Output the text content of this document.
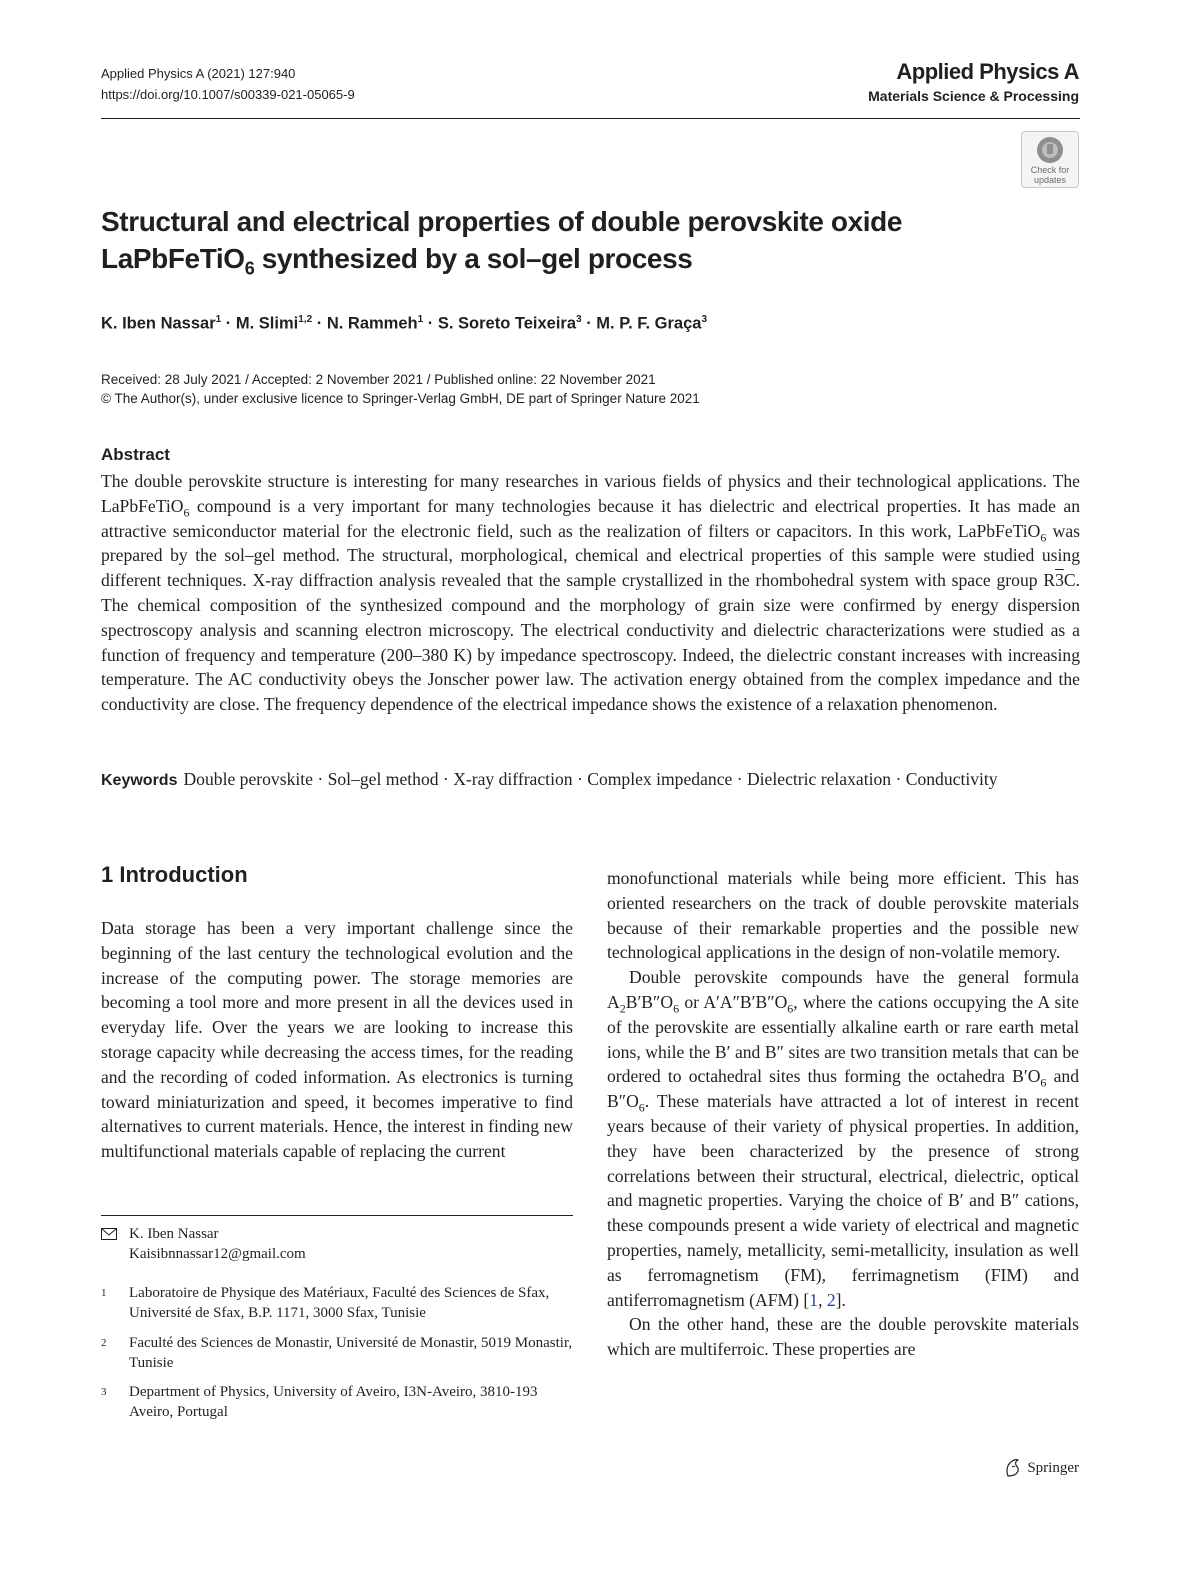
Applied Physics A (2021) 127:940
https://doi.org/10.1007/s00339-021-05065-9
Applied Physics A
Materials Science & Processing
Check for
updates
Structural and electrical properties of double perovskite oxide
LaPbFeTiO$_6$ synthesized by a sol–gel process
K. Iben Nassar$^1$ · M. Slimi$^{1,2}$ · N. Rammeh$^1$ · S. Soreto Teixeira$^3$ · M. P. F. Graça$^3$
Received: 28 July 2021 / Accepted: 2 November 2021 / Published online: 22 November 2021
© The Author(s), under exclusive licence to Springer-Verlag GmbH, DE part of Springer Nature 2021
Abstract

The double perovskite structure is interesting for many researches in various fields of physics and their technological applications. The LaPbFeTiO$_6$ compound is a very important for many technologies because it has dielectric and electrical properties. It has made an attractive semiconductor material for the electronic field, such as the realization of filters or capacitors. In this work, LaPbFeTiO$_6$ was prepared by the sol–gel method. The structural, morphological, chemical and electrical properties of this sample were studied using different techniques. X-ray diffraction analysis revealed that the sample crystallized in the rhombohedral system with space group R3C. The chemical composition of the synthesized compound and the morphology of grain size were confirmed by energy dispersion spectroscopy analysis and scanning electron microscopy. The electrical conductivity and dielectric characterizations were studied as a function of frequency and temperature (200–380 K) by impedance spectroscopy. Indeed, the dielectric constant increases with increasing temperature. The AC conductivity obeys the Jonscher power law. The activation energy obtained from the complex impedance and the conductivity are close. The frequency dependence of the electrical impedance shows the existence of a relaxation phenomenon.

Keywords Double perovskite · Sol–gel method · X-ray diffraction · Complex impedance · Dielectric relaxation · Conductivity
1 Introduction

Data storage has been a very important challenge since the beginning of the last century the technological evolution and the increase of the computing power. The storage memories are becoming a tool more and more present in all the devices used in everyday life. Over the years we are looking to increase this storage capacity while decreasing the access times, for the reading and the recording of coded information. As electronics is turning toward miniaturization and speed, it becomes imperative to find alternatives to current materials. Hence, the interest in finding new multifunctional materials capable of replacing the current

monofunctional materials while being more efficient. This has oriented researchers on the track of double perovskite materials because of their remarkable properties and the possible new technological applications in the design of non-volatile memory.

Double perovskite compounds have the general formula $A_2B'B''O_6$ or $A'A''B'B''O_6$, where the cations occupying the A site of the perovskite are essentially alkaline earth or rare earth metal ions, while the B′ and B″ sites are two transition metals that can be ordered to octahedral sites thus forming the octahedra $B'O_6$ and $B''O_6$. These materials have attracted a lot of interest in recent years because of their variety of physical properties. In addition, they have been characterized by the presence of strong correlations between their structural, electrical, dielectric, optical and magnetic properties. Varying the choice of B′ and B″ cations, these compounds present a wide variety of electrical and magnetic properties, namely, metallicity, semi-metallicity, insulation as well as ferromagnetism (FM), ferrimagnetism (FIM) and antiferromagnetism (AFM) [1, 2].

On the other hand, these are the double perovskite materials which are multiferroic. These properties are

K. Iben Nassar
Kaisibnnassar12@gmail.com
1 Laboratoire de Physique des Matériaux, Faculté des Sciences de Sfax, Université de Sfax, B.P. 1171, 3000 Sfax, Tunisie
2 Faculté des Sciences de Monastir, Université de Monastir, 5019 Monastir, Tunisie
3 Department of Physics, University of Aveiro, I3N-Aveiro, 3810-193 Aveiro, Portugal
Springer
